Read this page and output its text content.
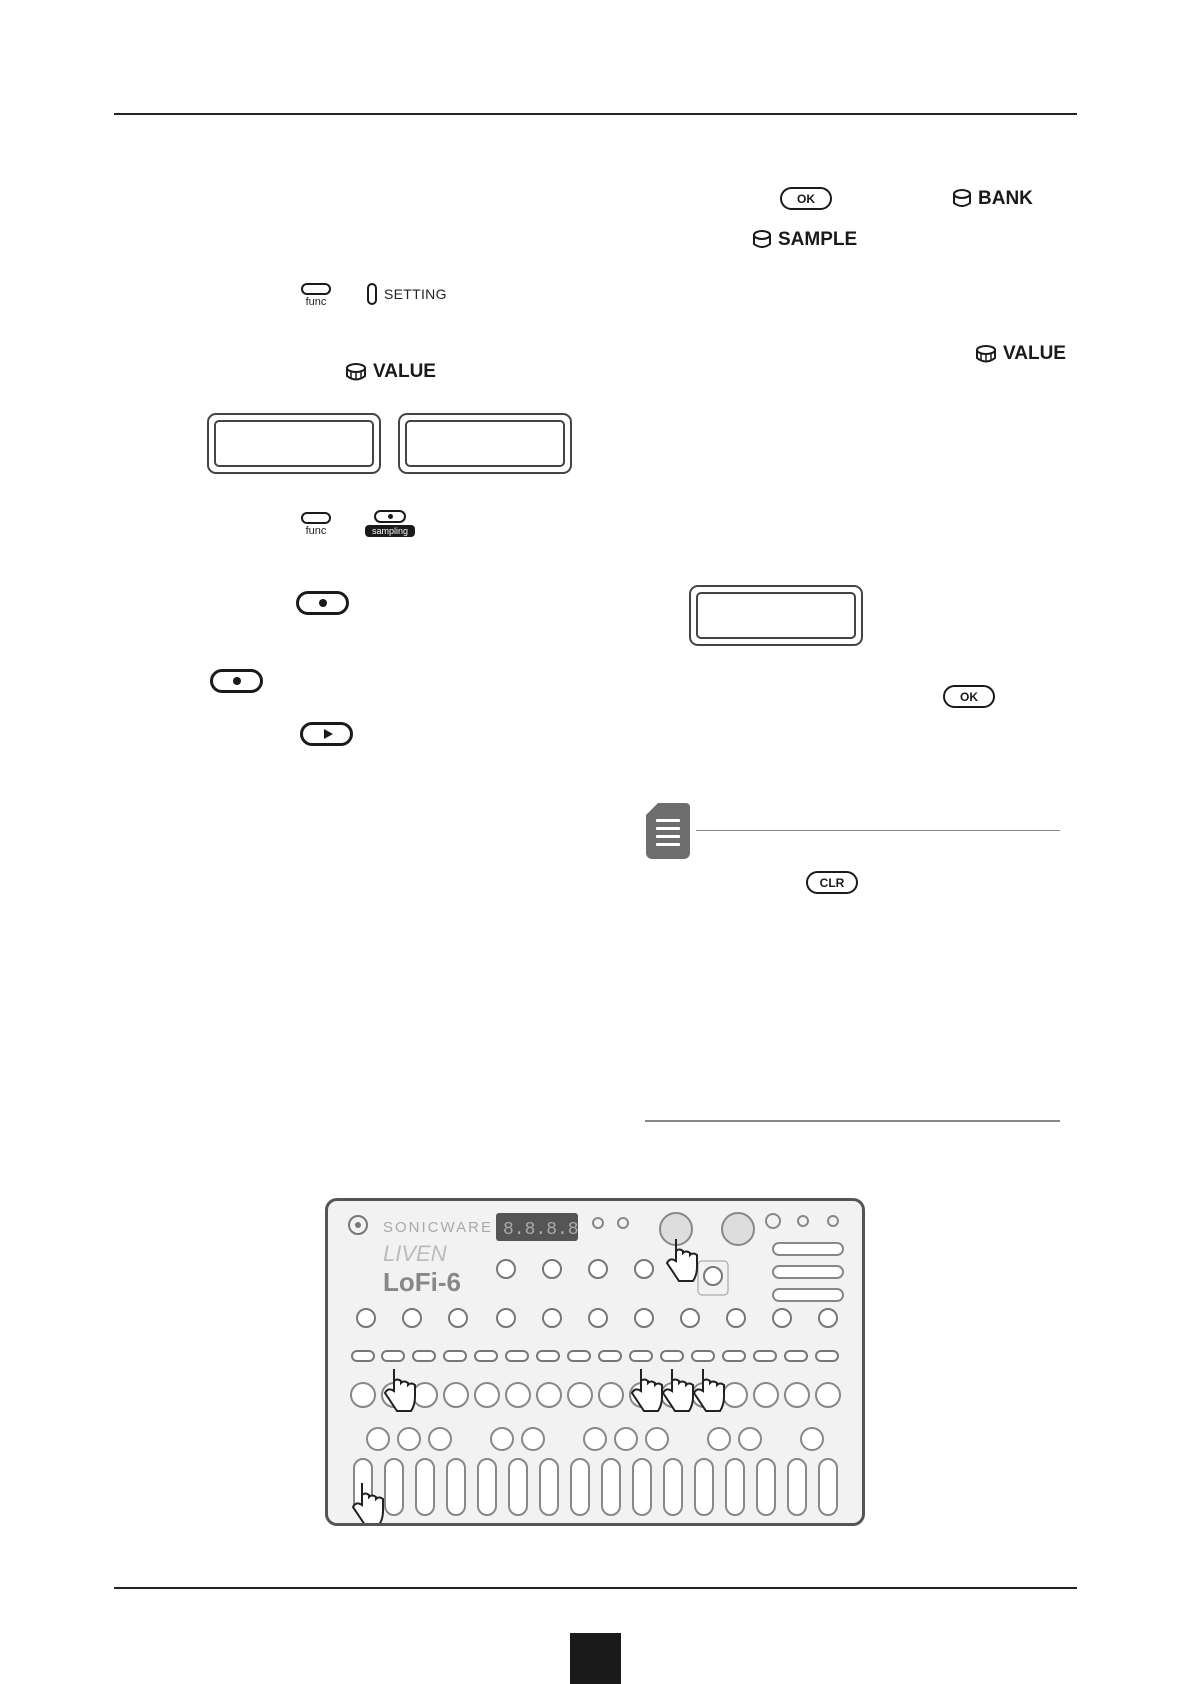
func	SETTING
VALUE
func	sampling
OK	BANK
SAMPLE
VALUE
OK
CLR
SONICWARE
LIVEN
LoFi-6
8.8.8.8
